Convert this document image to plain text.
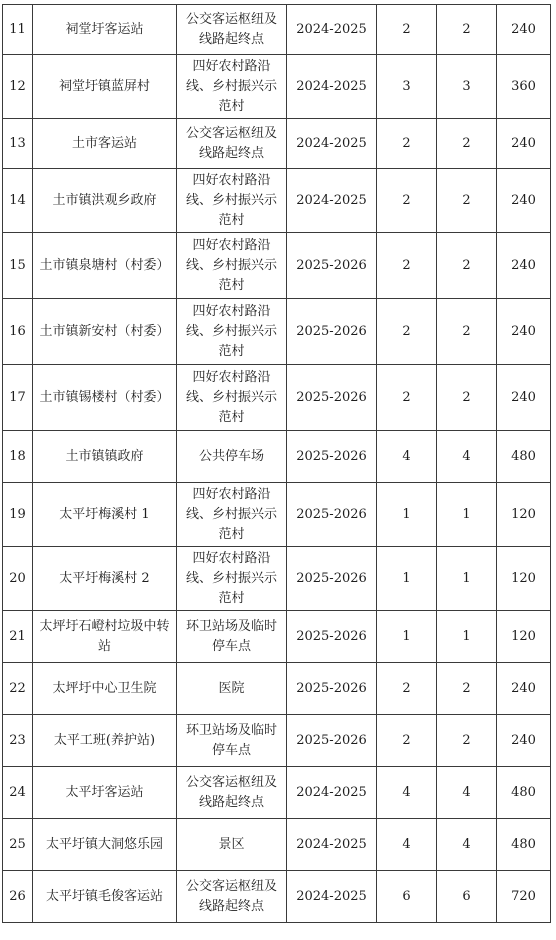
11	祠堂圩客运站	公交客运枢纽及线路起终点	2024-2025	2	2	240
12	祠堂圩镇蓝屏村	四好农村路沿线、乡村振兴示范村	2024-2025	3	3	360
13	土市客运站	公交客运枢纽及线路起终点	2024-2025	2	2	240
14	土市镇洪观乡政府	四好农村路沿线、乡村振兴示范村	2024-2025	2	2	240
15	土市镇泉塘村（村委）	四好农村路沿线、乡村振兴示范村	2025-2026	2	2	240
16	土市镇新安村（村委）	四好农村路沿线、乡村振兴示范村	2025-2026	2	2	240
17	土市镇锡楼村（村委）	四好农村路沿线、乡村振兴示范村	2025-2026	2	2	240
18	土市镇镇政府	公共停车场	2025-2026	4	4	480
19	太平圩梅溪村 1	四好农村路沿线、乡村振兴示范村	2025-2026	1	1	120
20	太平圩梅溪村 2	四好农村路沿线、乡村振兴示范村	2025-2026	1	1	120
21	太坪圩石嶝村垃圾中转站	环卫站场及临时停车点	2025-2026	1	1	120
22	太坪圩中心卫生院	医院	2025-2026	2	2	240
23	太平工班(养护站)	环卫站场及临时停车点	2025-2026	2	2	240
24	太平圩客运站	公交客运枢纽及线路起终点	2024-2025	4	4	480
25	太平圩镇大洞悠乐园	景区	2024-2025	4	4	480
26	太平圩镇毛俊客运站	公交客运枢纽及线路起终点	2024-2025	6	6	720
